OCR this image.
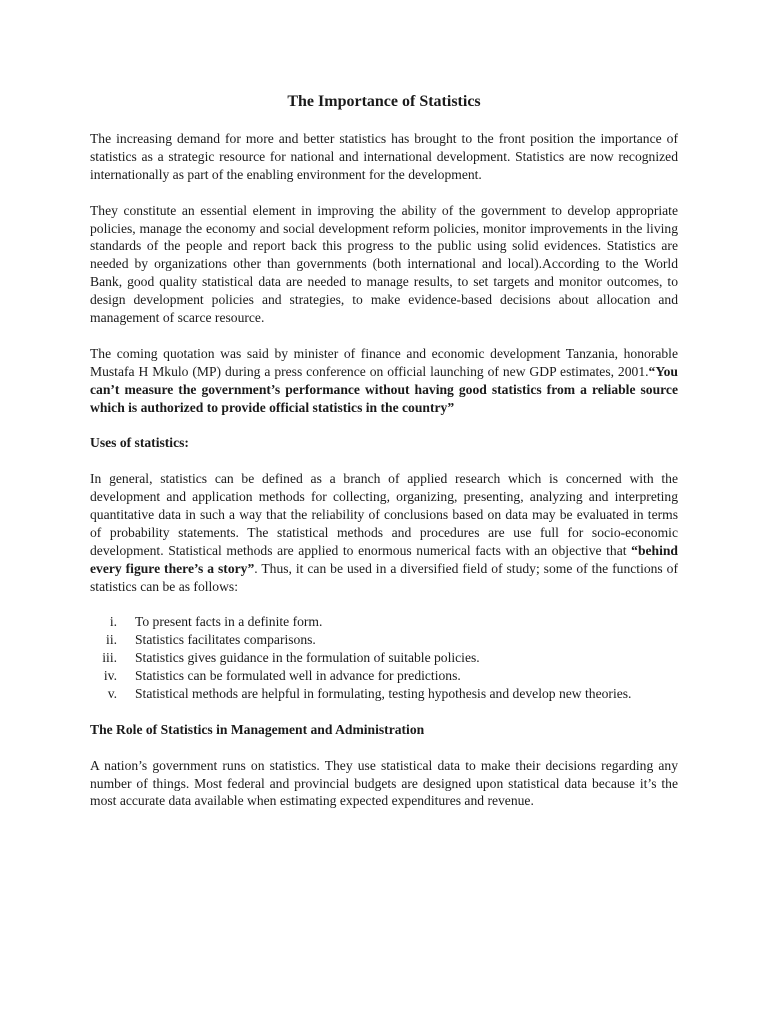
The Importance of Statistics

The increasing demand for more and better statistics has brought to the front position the importance of statistics as a strategic resource for national and international development. Statistics are now recognized internationally as part of the enabling environment for the development.

They constitute an essential element in improving the ability of the government to develop appropriate policies, manage the economy and social development reform policies, monitor improvements in the living standards of the people and report back this progress to the public using solid evidences. Statistics are needed by organizations other than governments (both international and local).According to the World Bank, good quality statistical data are needed to manage results, to set targets and monitor outcomes, to design development policies and strategies, to make evidence-based decisions about allocation and management of scarce resource.

The coming quotation was said by minister of finance and economic development Tanzania, honorable Mustafa H Mkulo (MP) during a press conference on official launching of new GDP estimates, 2001.“You can’t measure the government’s performance without having good statistics from a reliable source which is authorized to provide official statistics in the country”

Uses of statistics:

In general, statistics can be defined as a branch of applied research which is concerned with the development and application methods for collecting, organizing, presenting, analyzing and interpreting quantitative data in such a way that the reliability of conclusions based on data may be evaluated in terms of probability statements. The statistical methods and procedures are use full for socio-economic development. Statistical methods are applied to enormous numerical facts with an objective that “behind every figure there’s a story”. Thus, it can be used in a diversified field of study; some of the functions of statistics can be as follows:

i. To present facts in a definite form.
ii. Statistics facilitates comparisons.
iii. Statistics gives guidance in the formulation of suitable policies.
iv. Statistics can be formulated well in advance for predictions.
v. Statistical methods are helpful in formulating, testing hypothesis and develop new theories.
The Role of Statistics in Management and Administration

A nation’s government runs on statistics. They use statistical data to make their decisions regarding any number of things. Most federal and provincial budgets are designed upon statistical data because it’s the most accurate data available when estimating expected expenditures and revenue.
